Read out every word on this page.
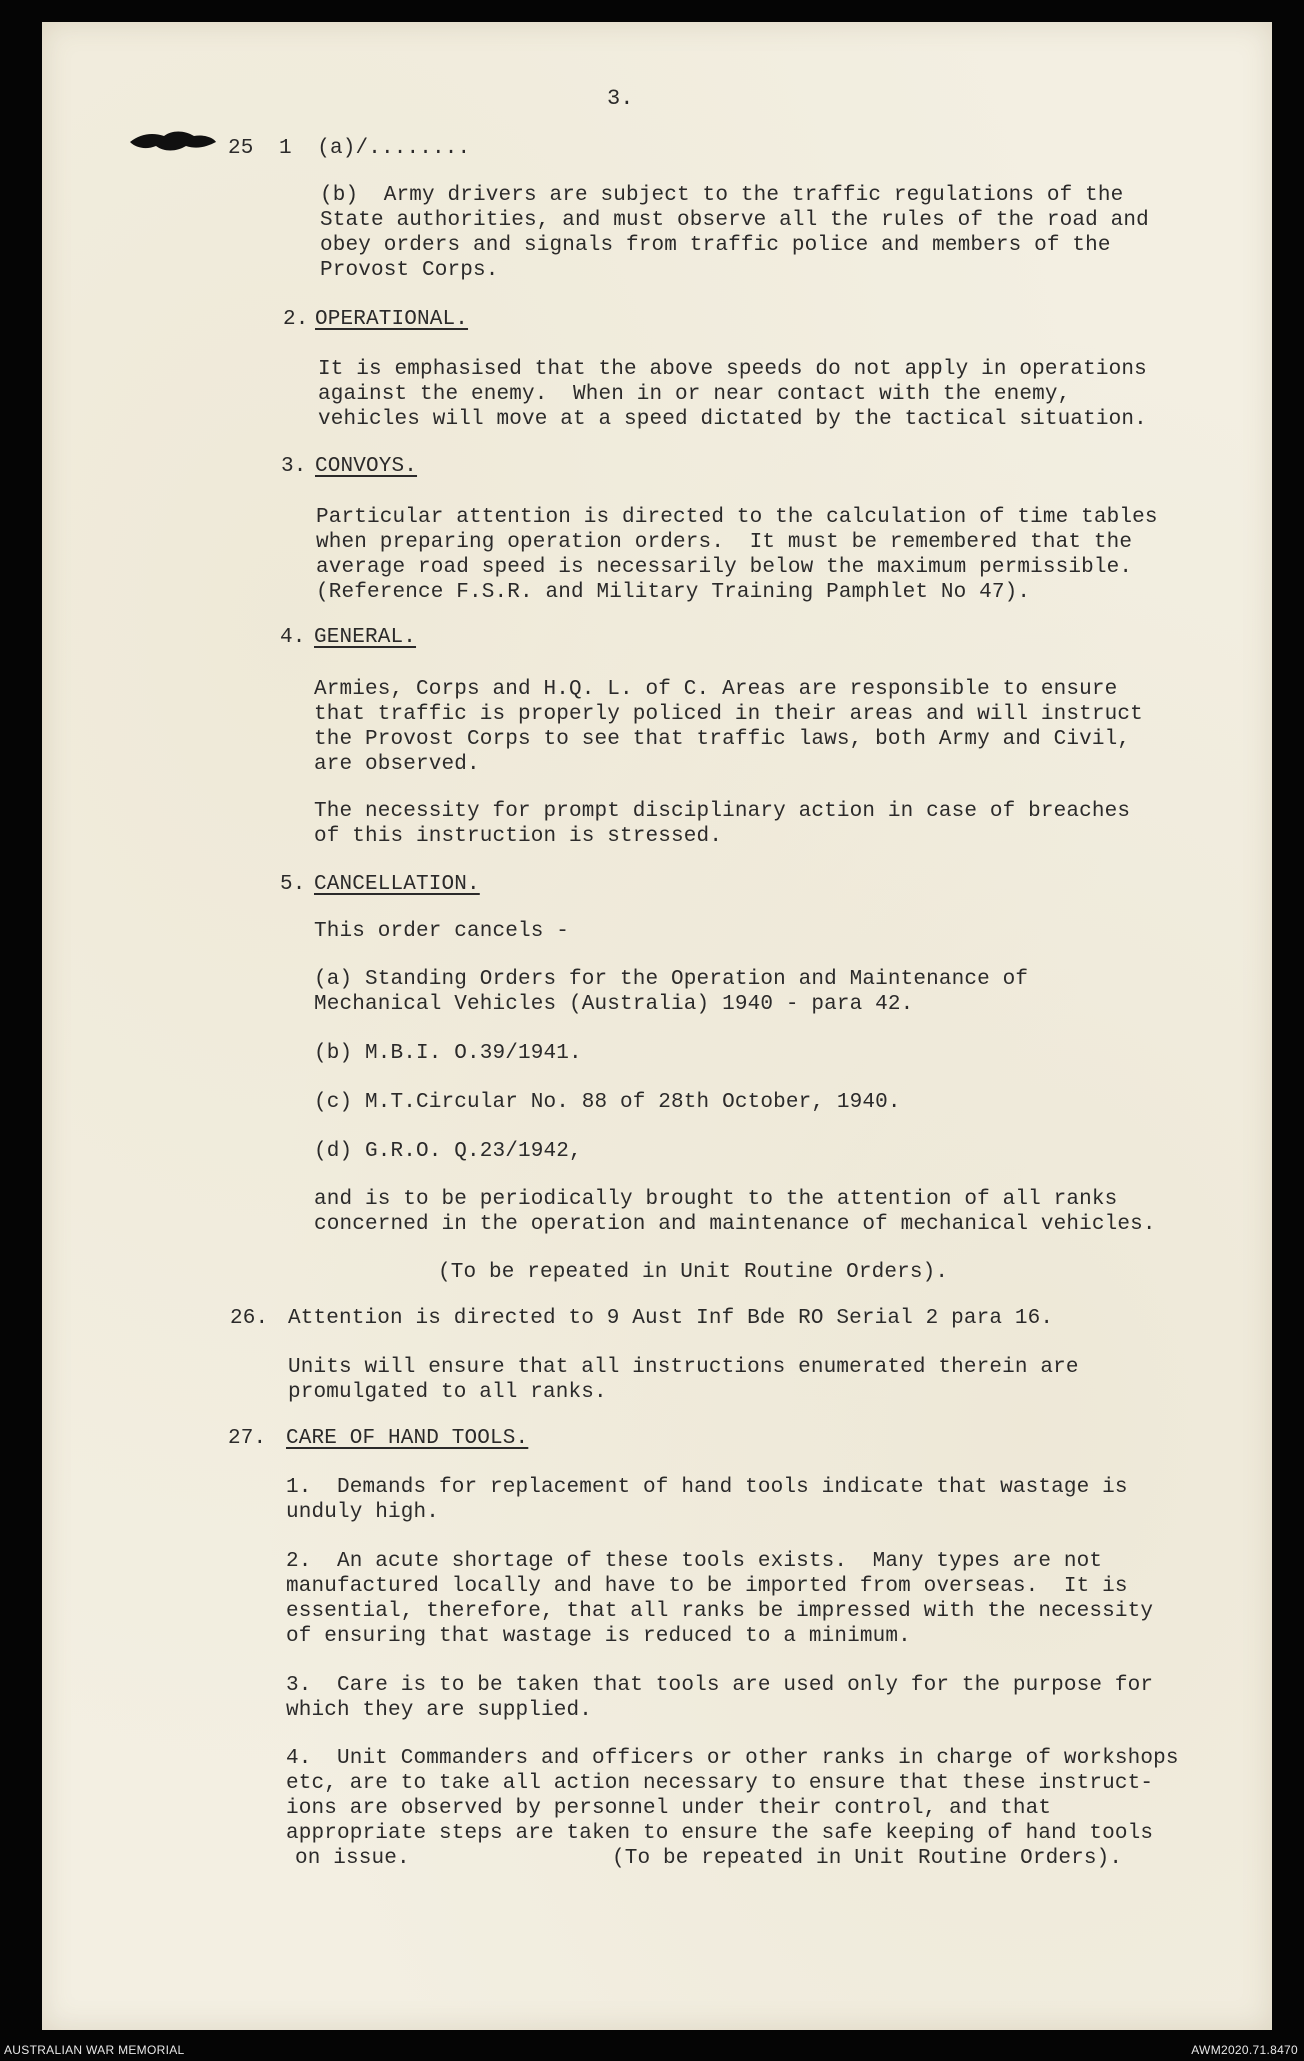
3.
25  1  (a)/........
(b)  Army drivers are subject to the traffic regulations of the
State authorities, and must observe all the rules of the road and
obey orders and signals from traffic police and members of the
Provost Corps.
2. OPERATIONAL.
It is emphasised that the above speeds do not apply in operations
against the enemy.  When in or near contact with the enemy,
vehicles will move at a speed dictated by the tactical situation.
3. CONVOYS.
Particular attention is directed to the calculation of time tables
when preparing operation orders.  It must be remembered that the
average road speed is necessarily below the maximum permissible.
(Reference F.S.R. and Military Training Pamphlet No 47).
4. GENERAL.
Armies, Corps and H.Q. L. of C. Areas are responsible to ensure
that traffic is properly policed in their areas and will instruct
the Provost Corps to see that traffic laws, both Army and Civil,
are observed.
The necessity for prompt disciplinary action in case of breaches
of this instruction is stressed.
5. CANCELLATION.
This order cancels -
(a) Standing Orders for the Operation and Maintenance of
Mechanical Vehicles (Australia) 1940 - para 42.
(b) M.B.I. O.39/1941.
(c) M.T.Circular No. 88 of 28th October, 1940.
(d) G.R.O. Q.23/1942,
and is to be periodically brought to the attention of all ranks
concerned in the operation and maintenance of mechanical vehicles.
(To be repeated in Unit Routine Orders).
26. Attention is directed to 9 Aust Inf Bde RO Serial 2 para 16.
Units will ensure that all instructions enumerated therein are
promulgated to all ranks.
27. CARE OF HAND TOOLS.
1.  Demands for replacement of hand tools indicate that wastage is
unduly high.
2.  An acute shortage of these tools exists.  Many types are not
manufactured locally and have to be imported from overseas.  It is
essential, therefore, that all ranks be impressed with the necessity
of ensuring that wastage is reduced to a minimum.
3.  Care is to be taken that tools are used only for the purpose for
which they are supplied.
4.  Unit Commanders and officers or other ranks in charge of workshops
etc, are to take all action necessary to ensure that these instruct-
ions are observed by personnel under their control, and that
appropriate steps are taken to ensure the safe keeping of hand tools
on issue.	(To be repeated in Unit Routine Orders).
AUSTRALIAN WAR MEMORIAL	AWM2020.71.8470
